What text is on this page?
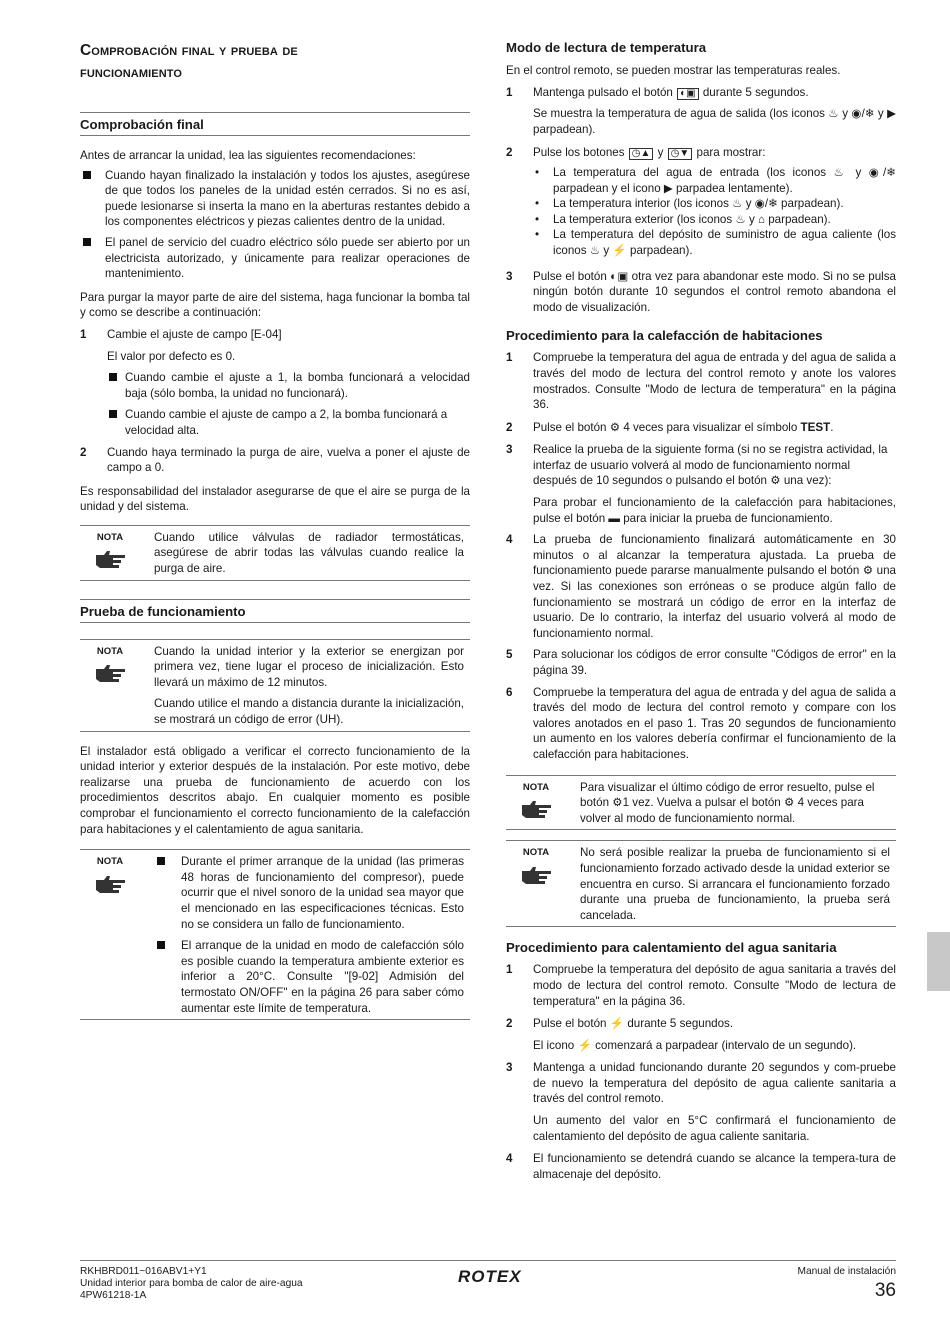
Comprobación final y prueba de
funcionamiento
Comprobación final

Antes de arrancar la unidad, lea las siguientes recomendaciones:

Cuando hayan finalizado la instalación y todos los ajustes, asegúrese de que todos los paneles de la unidad estén cerrados. Si no es así, puede lesionarse si inserta la mano en la aberturas restantes debido a los componentes eléctricos y piezas calientes dentro de la unidad.

El panel de servicio del cuadro eléctrico sólo puede ser abierto por un electricista autorizado, y únicamente para realizar operaciones de mantenimiento.

Para purgar la mayor parte de aire del sistema, haga funcionar la bomba tal y como se describe a continuación:

1	Cambie el ajuste de campo [E-04]

El valor por defecto es 0.

Cuando cambie el ajuste a 1, la bomba funcionará a velocidad baja (sólo bomba, la unidad no funcionará).

Cuando cambie el ajuste de campo a 2, la bomba funcionará a velocidad alta.

2	Cuando haya terminado la purga de aire, vuelva a poner el ajuste de campo a 0.

Es responsabilidad del instalador asegurarse de que el aire se purga de la unidad y del sistema.

NOTA	Cuando utilice válvulas de radiador termostáticas, asegúrese de abrir todas las válvulas cuando realice la purga de aire.

Prueba de funcionamiento
NOTA	Cuando la unidad interior y la exterior se energizan por primera vez, tiene lugar el proceso de inicialización. Esto llevará un máximo de 12 minutos.

Cuando utilice el mando a distancia durante la inicialización, se mostrará un código de error (UH).

El instalador está obligado a verificar el correcto funcionamiento de la unidad interior y exterior después de la instalación. Por este motivo, debe realizarse una prueba de funcionamiento de acuerdo con los procedimientos descritos abajo. En cualquier momento es posible comprobar el funcionamiento el correcto funcionamiento de la calefacción para habitaciones y el calentamiento de agua sanitaria.

NOTA	Durante el primer arranque de la unidad (las primeras 48 horas de funcionamiento del compresor), puede ocurrir que el nivel sonoro de la unidad sea mayor que el mencionado en las especificaciones técnicas. Esto no se considera un fallo de funcionamiento.

El arranque de la unidad en modo de calefacción sólo es posible cuando la temperatura ambiente exterior es inferior a 20°C. Consulte "[9-02] Admisión del termostato ON/OFF" en la página 26 para saber cómo aumentar este límite de temperatura.

Modo de lectura de temperatura

En el control remoto, se pueden mostrar las temperaturas reales.

1	Mantenga pulsado el botón ◐▣ durante 5 segundos.

Se muestra la temperatura de agua de salida (los iconos ♨ y ◉/❄ y ▶ parpadean).

2	Pulse los botones ◷▲ y ◷▼ para mostrar:

•	La temperatura del agua de entrada (los iconos ♨ y ◉/❄ parpadean y el icono ▶ parpadea lentamente).

•	La temperatura interior (los iconos ♨ y ◉/❄ parpadean).

•	La temperatura exterior (los iconos ♨ y ⌂ parpadean).

•	La temperatura del depósito de suministro de agua caliente (los iconos ♨ y ⚡ parpadean).

3	Pulse el botón ◐▣ otra vez para abandonar este modo. Si no se pulsa ningún botón durante 10 segundos el control remoto abandona el modo de visualización.

Procedimiento para la calefacción de habitaciones
1	Compruebe la temperatura del agua de entrada y del agua de salida a través del modo de lectura del control remoto y anote los valores mostrados. Consulte "Modo de lectura de temperatura" en la página 36.

2	Pulse el botón ⚙ 4 veces para visualizar el símbolo TEST.

3	Realice la prueba de la siguiente forma (si no se registra actividad, la interfaz de usuario volverá al modo de funcionamiento normal después de 10 segundos o pulsando el botón ⚙ una vez):

Para probar el funcionamiento de la calefacción para habitaciones, pulse el botón ▬ para iniciar la prueba de funcionamiento.

4	La prueba de funcionamiento finalizará automáticamente en 30 minutos o al alcanzar la temperatura ajustada. La prueba de funcionamiento puede pararse manualmente pulsando el botón ⚙ una vez. Si las conexiones son erróneas o se produce algún fallo de funcionamiento se mostrará un código de error en la interfaz de usuario. De lo contrario, la interfaz del usuario volverá al modo de funcionamiento normal.

5	Para solucionar los códigos de error consulte "Códigos de error" en la página 39.

6	Compruebe la temperatura del agua de entrada y del agua de salida a través del modo de lectura del control remoto y compare con los valores anotados en el paso 1. Tras 20 segundos de funcionamiento un aumento en los valores debería confirmar el funcionamiento de la calefacción para habitaciones.

NOTA	Para visualizar el último código de error resuelto, pulse el botón ⚙1 vez. Vuelva a pulsar el botón ⚙ 4 veces para volver al modo de funcionamiento normal.

NOTA	No será posible realizar la prueba de funcionamiento si el funcionamiento forzado activado desde la unidad exterior se encuentra en curso. Si arrancara el funcionamiento forzado durante una prueba de funcionamiento, la prueba será cancelada.

Procedimiento para calentamiento del agua sanitaria
1	Compruebe la temperatura del depósito de agua sanitaria a través del modo de lectura del control remoto. Consulte "Modo de lectura de temperatura" en la página 36.

2	Pulse el botón ⚡ durante 5 segundos.

El icono ⚡ comenzará a parpadear (intervalo de un segundo).

3	Mantenga a unidad funcionando durante 20 segundos y com-pruebe de nuevo la temperatura del depósito de agua caliente sanitaria a través del control remoto.

Un aumento del valor en 5°C confirmará el funcionamiento de calentamiento del depósito de agua caliente sanitaria.

4	El funcionamiento se detendrá cuando se alcance la tempera-tura de almacenaje del depósito.

RKHBRD011~016ABV1+Y1
Unidad interior para bomba de calor de aire-agua
4PW61218-1A
ROTEX	Manual de instalación
36
